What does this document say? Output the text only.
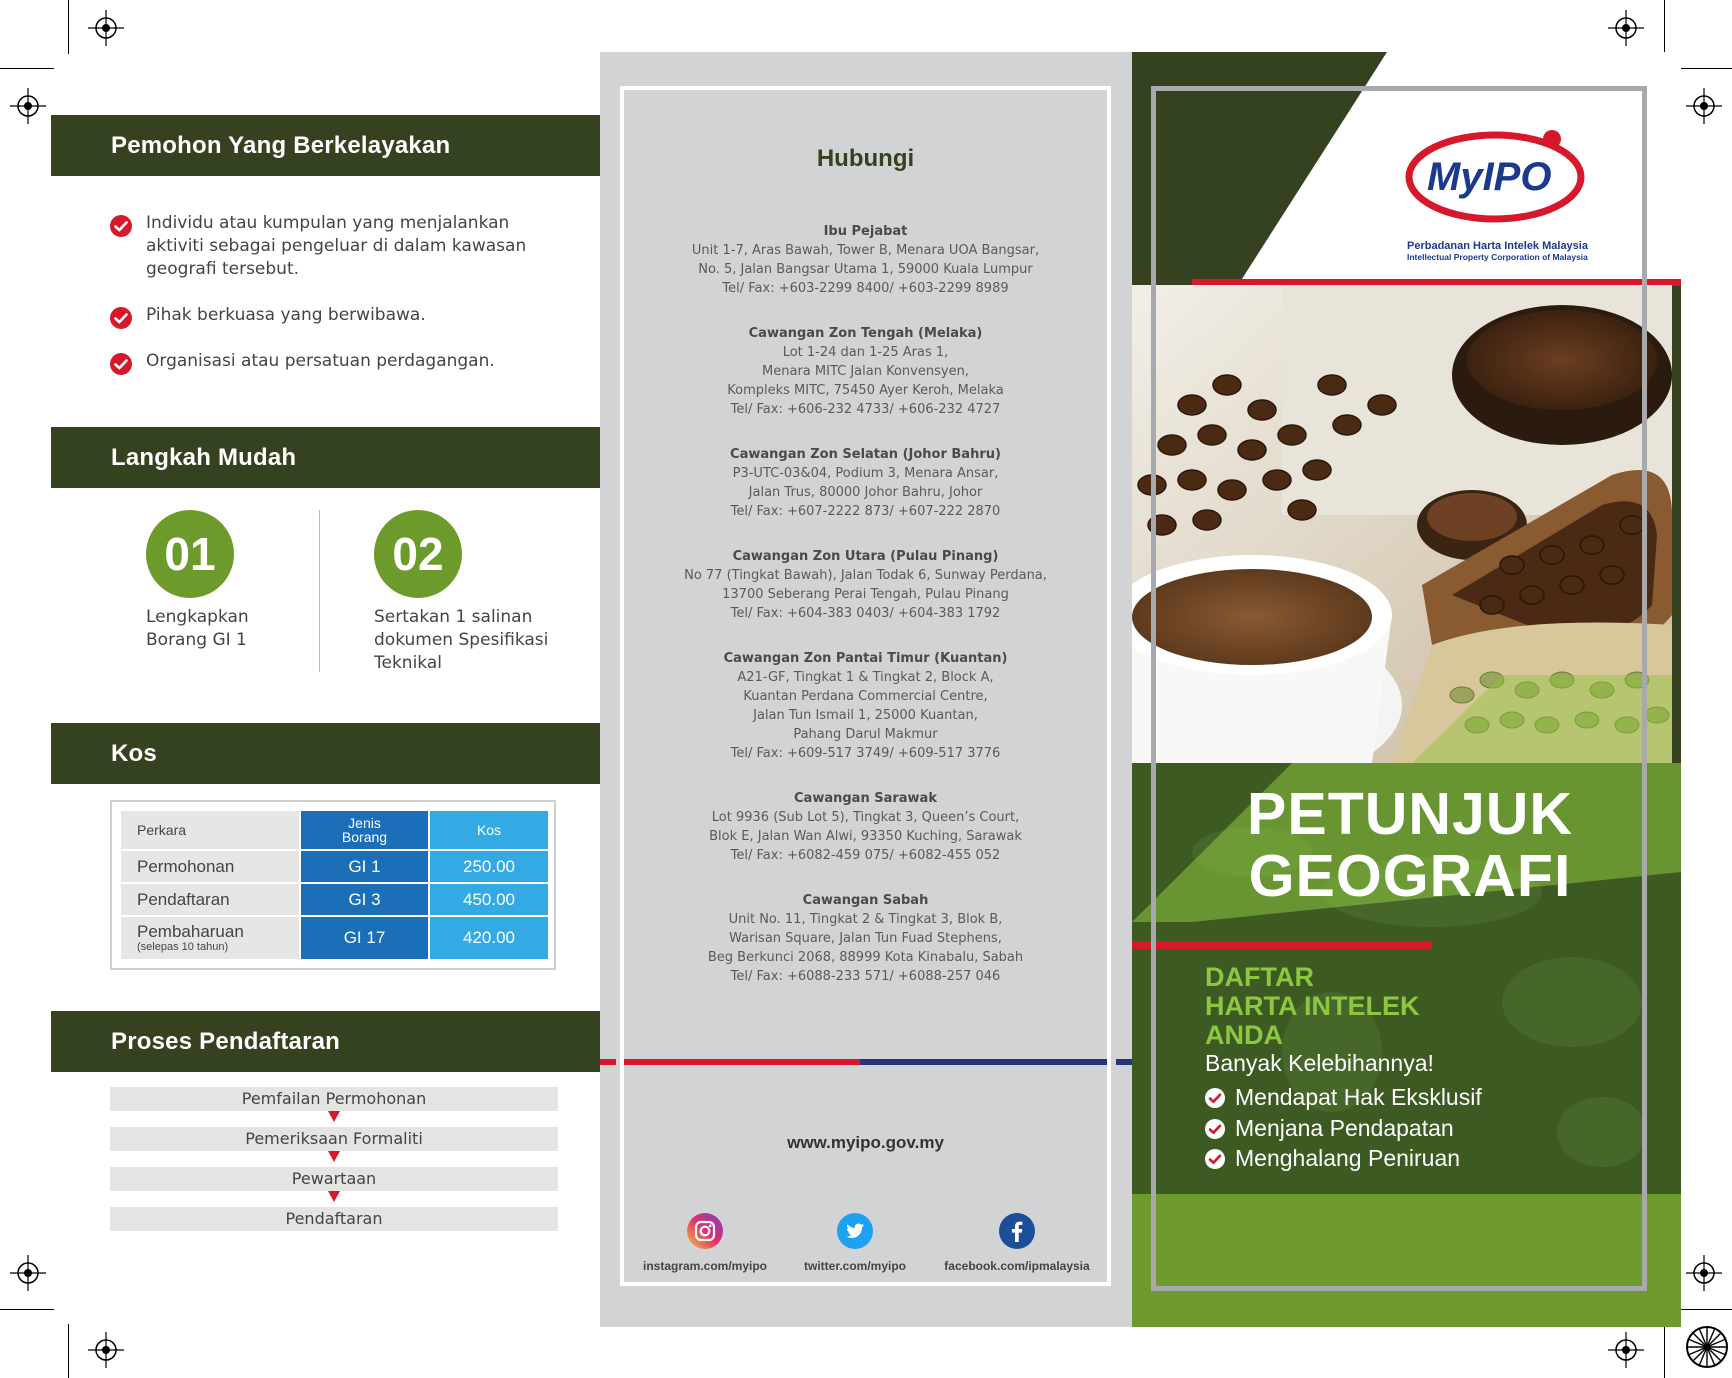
Pemohon Yang Berkelayakan
Individu atau kumpulan yang menjalankan aktiviti sebagai pengeluar di dalam kawasan geografi tersebut.
Pihak berkuasa yang berwibawa.
Organisasi atau persatuan perdagangan.
Langkah Mudah
01
Lengkapkan Borang GI 1
02
Sertakan 1 salinan dokumen Spesifikasi Teknikal
Kos
Perkara	Jenis Borang	Kos
Permohonan	GI 1	250.00
Pendaftaran	GI 3	450.00
Pembaharuan
(selepas 10 tahun)	GI 17	420.00
Proses Pendaftaran
Pemfailan Permohonan
Pemeriksaan Formaliti
Pewartaan
Pendaftaran
Hubungi
Ibu Pejabat
Unit 1-7, Aras Bawah, Tower B, Menara UOA Bangsar,
No. 5, Jalan Bangsar Utama 1, 59000 Kuala Lumpur
Tel/ Fax: +603-2299 8400/ +603-2299 8989
Cawangan Zon Tengah (Melaka)
Lot 1-24 dan 1-25 Aras 1,
Menara MITC Jalan Konvensyen,
Kompleks MITC, 75450 Ayer Keroh, Melaka
Tel/ Fax: +606-232 4733/ +606-232 4727
Cawangan Zon Selatan (Johor Bahru)
P3-UTC-03&04, Podium 3, Menara Ansar,
Jalan Trus, 80000 Johor Bahru, Johor
Tel/ Fax: +607-2222 873/ +607-222 2870
Cawangan Zon Utara (Pulau Pinang)
No 77 (Tingkat Bawah), Jalan Todak 6, Sunway Perdana,
13700 Seberang Perai Tengah, Pulau Pinang
Tel/ Fax: +604-383 0403/ +604-383 1792
Cawangan Zon Pantai Timur (Kuantan)
A21-GF, Tingkat 1 & Tingkat 2, Block A,
Kuantan Perdana Commercial Centre,
Jalan Tun Ismail 1, 25000 Kuantan,
Pahang Darul Makmur
Tel/ Fax: +609-517 3749/ +609-517 3776
Cawangan Sarawak
Lot 9936 (Sub Lot 5), Tingkat 3, Queen’s Court,
Blok E, Jalan Wan Alwi, 93350 Kuching, Sarawak
Tel/ Fax: +6082-459 075/ +6082-455 052
Cawangan Sabah
Unit No. 11, Tingkat 2 & Tingkat 3, Blok B,
Warisan Square, Jalan Tun Fuad Stephens,
Beg Berkunci 2068, 88999 Kota Kinabalu, Sabah
Tel/ Fax: +6088-233 571/ +6088-257 046
www.myipo.gov.my
instagram.com/myipo	twitter.com/myipo	facebook.com/ipmalaysia
MyIPO
Perbadanan Harta Intelek Malaysia
Intellectual Property Corporation of Malaysia
PETUNJUK
GEOGRAFI
DAFTAR
HARTA INTELEK
ANDA
Banyak Kelebihannya!
Mendapat Hak Eksklusif
Menjana Pendapatan
Menghalang Peniruan
